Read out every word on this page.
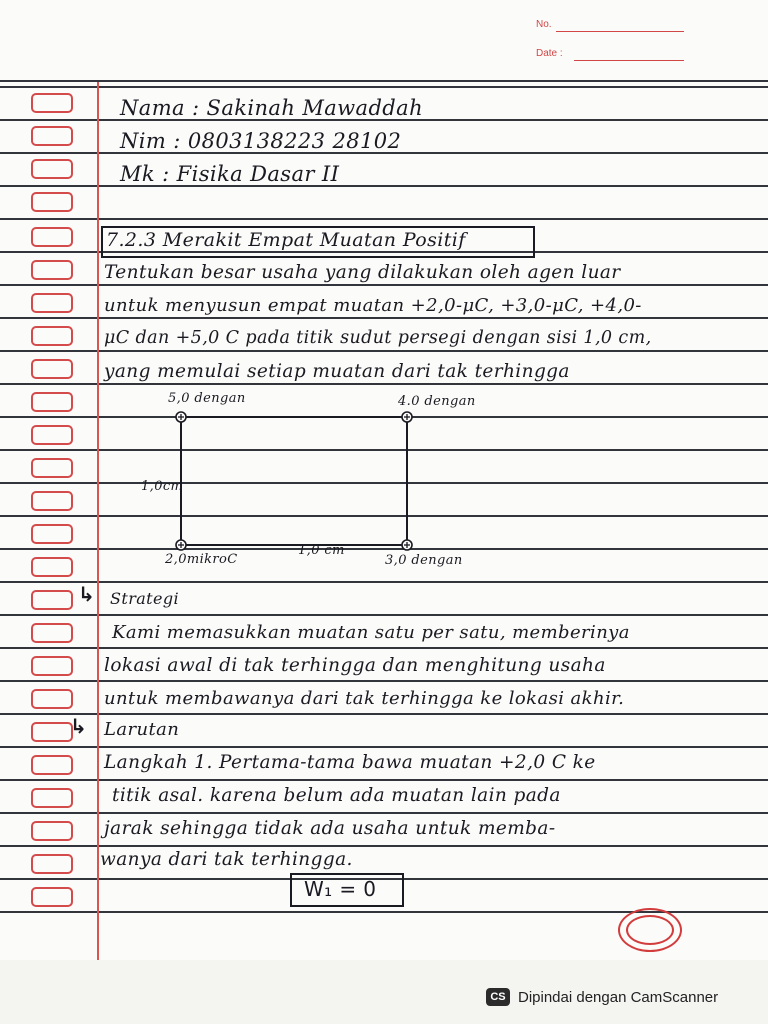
No.
Date :
Nama : Sakinah Mawaddah
Nim : 0803138223 28102
Mk : Fisika Dasar II
7.2.3 Merakit Empat Muatan Positif
Tentukan besar usaha yang dilakukan oleh agen luar
untuk menyusun empat muatan +2,0-μC, +3,0-μC, +4,0-
μC dan +5,0 C pada titik sudut persegi dengan sisi 1,0 cm,
yang memulai setiap muatan dari tak terhingga
5,0 dengan	4.0 dengan
1,0cm
1,0 cm
2,0mikroC	3,0 dengan
↳ Strategi
Kami memasukkan muatan satu per satu, memberinya
lokasi awal di tak terhingga dan menghitung usaha
untuk membawanya dari tak terhingga ke lokasi akhir.
↳ Larutan
Langkah 1. Pertama-tama bawa muatan +2,0 C ke
titik asal. karena belum ada muatan lain pada
jarak sehingga tidak ada usaha untuk memba-
wanya dari tak terhingga.
W₁ = 0
CS Dipindai dengan CamScanner
